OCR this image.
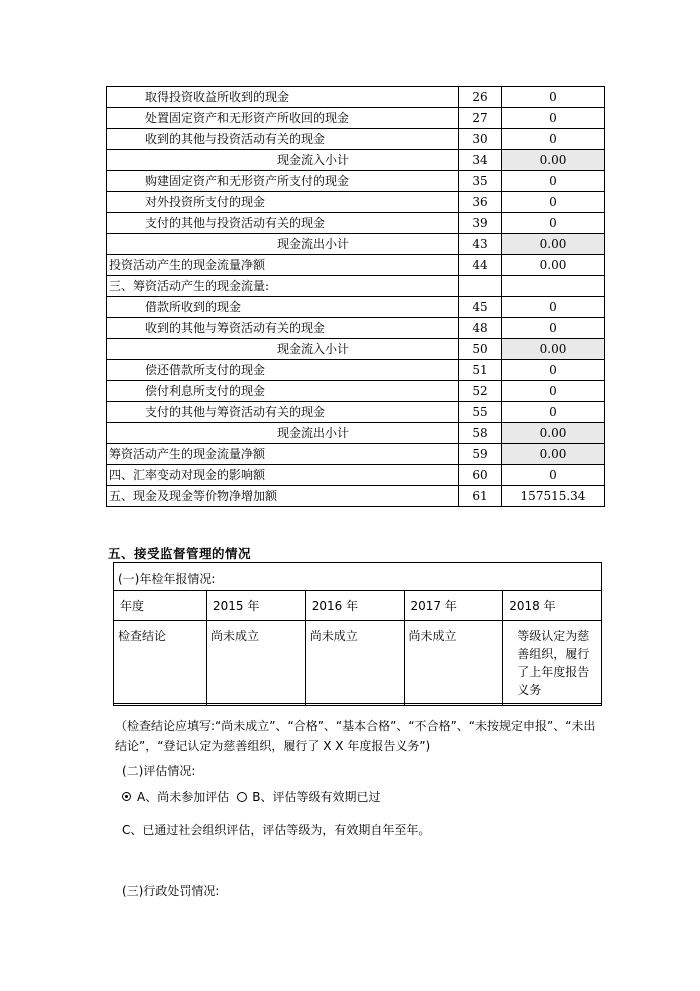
取得投资收益所收到的现金	26	0
处置固定资产和无形资产所收回的现金	27	0
收到的其他与投资活动有关的现金	30	0
现金流入小计	34	0.00
购建固定资产和无形资产所支付的现金	35	0
对外投资所支付的现金	36	0
支付的其他与投资活动有关的现金	39	0
现金流出小计	43	0.00
投资活动产生的现金流量净额	44	0.00
三、筹资活动产生的现金流量:		
借款所收到的现金	45	0
收到的其他与筹资活动有关的现金	48	0
现金流入小计	50	0.00
偿还借款所支付的现金	51	0
偿付利息所支付的现金	52	0
支付的其他与筹资活动有关的现金	55	0
现金流出小计	58	0.00
筹资活动产生的现金流量净额	59	0.00
四、汇率变动对现金的影响额	60	0
五、现金及现金等价物净增加额	61	157515.34
五、接受监督管理的情况
(一)年检年报情况:
年度	2015 年	2016 年	2017 年	2018 年
检查结论	尚未成立	尚未成立	尚未成立	等级认定为慈善组织，履行了上年度报告义务
（检查结论应填写:“尚未成立”、“合格”、“基本合格”、“不合格”、“未按规定申报”、“未出结论”，“登记认定为慈善组织，履行了 X X 年度报告义务”)
(二)评估情况:
A、尚未参加评估 B、评估等级有效期已过
C、已通过社会组织评估，评估等级为，有效期自年至年。
(三)行政处罚情况:
